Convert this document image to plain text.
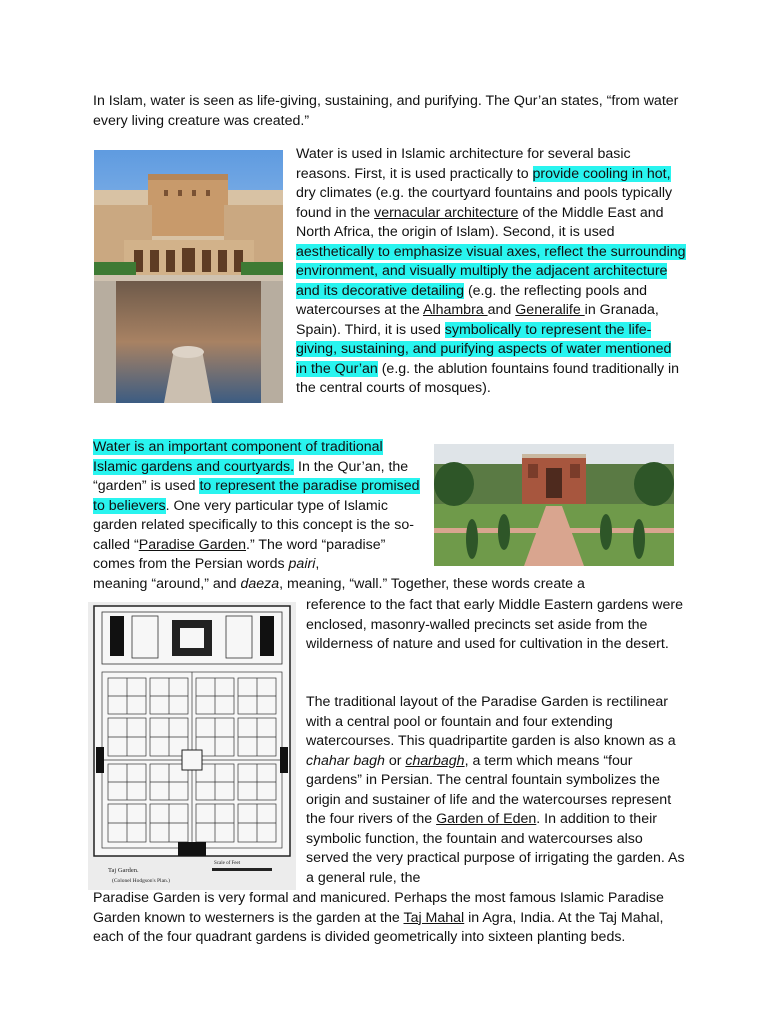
In Islam, water is seen as life-giving, sustaining, and purifying. The Qur’an states, “from water every living creature was created.”
Water is used in Islamic architecture for several basic reasons. First, it is used practically to provide cooling in hot, dry climates (e.g. the courtyard fountains and pools typically found in the vernacular architecture of the Middle East and North Africa, the origin of Islam). Second, it is used aesthetically to emphasize visual axes, reflect the surrounding environment, and visually multiply the adjacent architecture and its decorative detailing (e.g. the reflecting pools and watercourses at the Alhambra and Generalife in Granada, Spain). Third, it is used symbolically to represent the life-giving, sustaining, and purifying aspects of water mentioned in the Qur’an (e.g. the ablution fountains found traditionally in the central courts of mosques).
Water is an important component of traditional Islamic gardens and courtyards. In the Qur’an, the “garden” is used to represent the paradise promised to believers. One very particular type of Islamic garden related specifically to this concept is the so-called “Paradise Garden.” The word “paradise” comes from the Persian words pairi,
meaning “around,” and daeza, meaning, “wall.” Together, these words create a
Taj Garden.
(Colonel Hodgson's Plan.)
Scale of Feet
reference to the fact that early Middle Eastern gardens were enclosed, masonry-walled precincts set aside from the wilderness of nature and used for cultivation in the desert.
The traditional layout of the Paradise Garden is rectilinear with a central pool or fountain and four extending watercourses. This quadripartite garden is also known as a chahar bagh or charbagh, a term which means “four gardens” in Persian. The central fountain symbolizes the origin and sustainer of life and the watercourses represent the four rivers of the Garden of Eden. In addition to their symbolic function, the fountain and watercourses also served the very practical purpose of irrigating the garden. As a general rule, the
Paradise Garden is very formal and manicured. Perhaps the most famous Islamic Paradise Garden known to westerners is the garden at the Taj Mahal in Agra, India. At the Taj Mahal, each of the four quadrant gardens is divided geometrically into sixteen planting beds.
